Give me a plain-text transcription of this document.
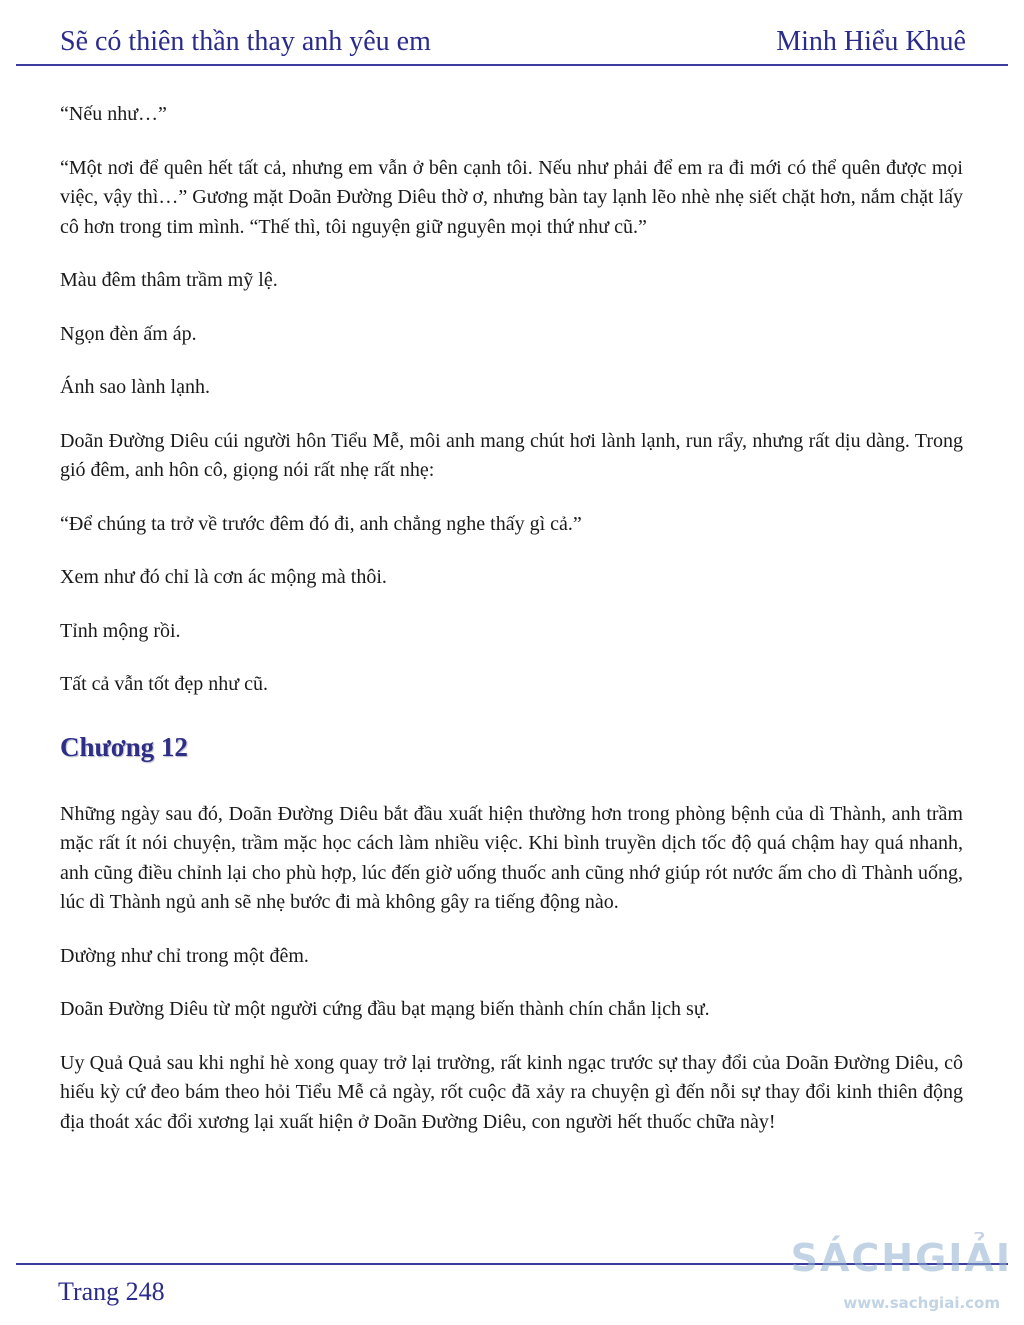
Sẽ có thiên thần thay anh yêu em	Minh Hiểu Khuê

“Nếu như…”

“Một nơi để quên hết tất cả, nhưng em vẫn ở bên cạnh tôi. Nếu như phải để em ra đi mới có thể quên được mọi việc, vậy thì…” Gương mặt Doãn Đường Diêu thờ ơ, nhưng bàn tay lạnh lẽo nhè nhẹ siết chặt hơn, nắm chặt lấy cô hơn trong tim mình. “Thế thì, tôi nguyện giữ nguyên mọi thứ như cũ.”

Màu đêm thâm trầm mỹ lệ.

Ngọn đèn ấm áp.

Ánh sao lành lạnh.

Doãn Đường Diêu cúi người hôn Tiểu Mễ, môi anh mang chút hơi lành lạnh, run rẩy, nhưng rất dịu dàng. Trong gió đêm, anh hôn cô, giọng nói rất nhẹ rất nhẹ:

“Để chúng ta trở về trước đêm đó đi, anh chẳng nghe thấy gì cả.”

Xem như đó chỉ là cơn ác mộng mà thôi.

Tỉnh mộng rồi.

Tất cả vẫn tốt đẹp như cũ.

Chương 12

Những ngày sau đó, Doãn Đường Diêu bắt đầu xuất hiện thường hơn trong phòng bệnh của dì Thành, anh trầm mặc rất ít nói chuyện, trầm mặc học cách làm nhiều việc. Khi bình truyền dịch tốc độ quá chậm hay quá nhanh, anh cũng điều chỉnh lại cho phù hợp, lúc đến giờ uống thuốc anh cũng nhớ giúp rót nước ấm cho dì Thành uống, lúc dì Thành ngủ anh sẽ nhẹ bước đi mà không gây ra tiếng động nào.

Dường như chỉ trong một đêm.

Doãn Đường Diêu từ một người cứng đầu bạt mạng biến thành chín chắn lịch sự.

Uy Quả Quả sau khi nghỉ hè xong quay trở lại trường, rất kinh ngạc trước sự thay đổi của Doãn Đường Diêu, cô hiếu kỳ cứ đeo bám theo hỏi Tiểu Mễ cả ngày, rốt cuộc đã xảy ra chuyện gì đến nỗi sự thay đổi kinh thiên động địa thoát xác đổi xương lại xuất hiện ở Doãn Đường Diêu, con người hết thuốc chữa này!

Trang 248
SÁCHGIẢI
www.sachgiai.com
